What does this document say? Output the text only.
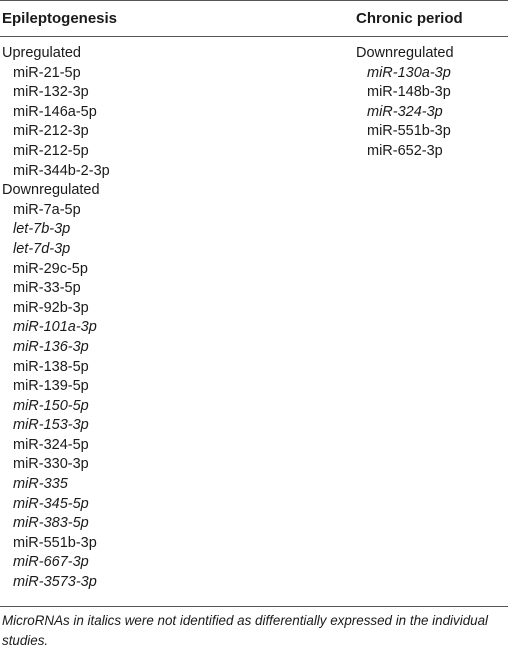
Epileptogenesis	Chronic period
Upregulated
miR-21-5p
miR-132-3p
miR-146a-5p
miR-212-3p
miR-212-5p
miR-344b-2-3p
Downregulated
miR-7a-5p
let-7b-3p
let-7d-3p
miR-29c-5p
miR-33-5p
miR-92b-3p
miR-101a-3p
miR-136-3p
miR-138-5p
miR-139-5p
miR-150-5p
miR-153-3p
miR-324-5p
miR-330-3p
miR-335
miR-345-5p
miR-383-5p
miR-551b-3p
miR-667-3p
miR-3573-3p
Downregulated
miR-130a-3p
miR-148b-3p
miR-324-3p
miR-551b-3p
miR-652-3p
MicroRNAs in italics were not identified as differentially expressed in the individual studies.
